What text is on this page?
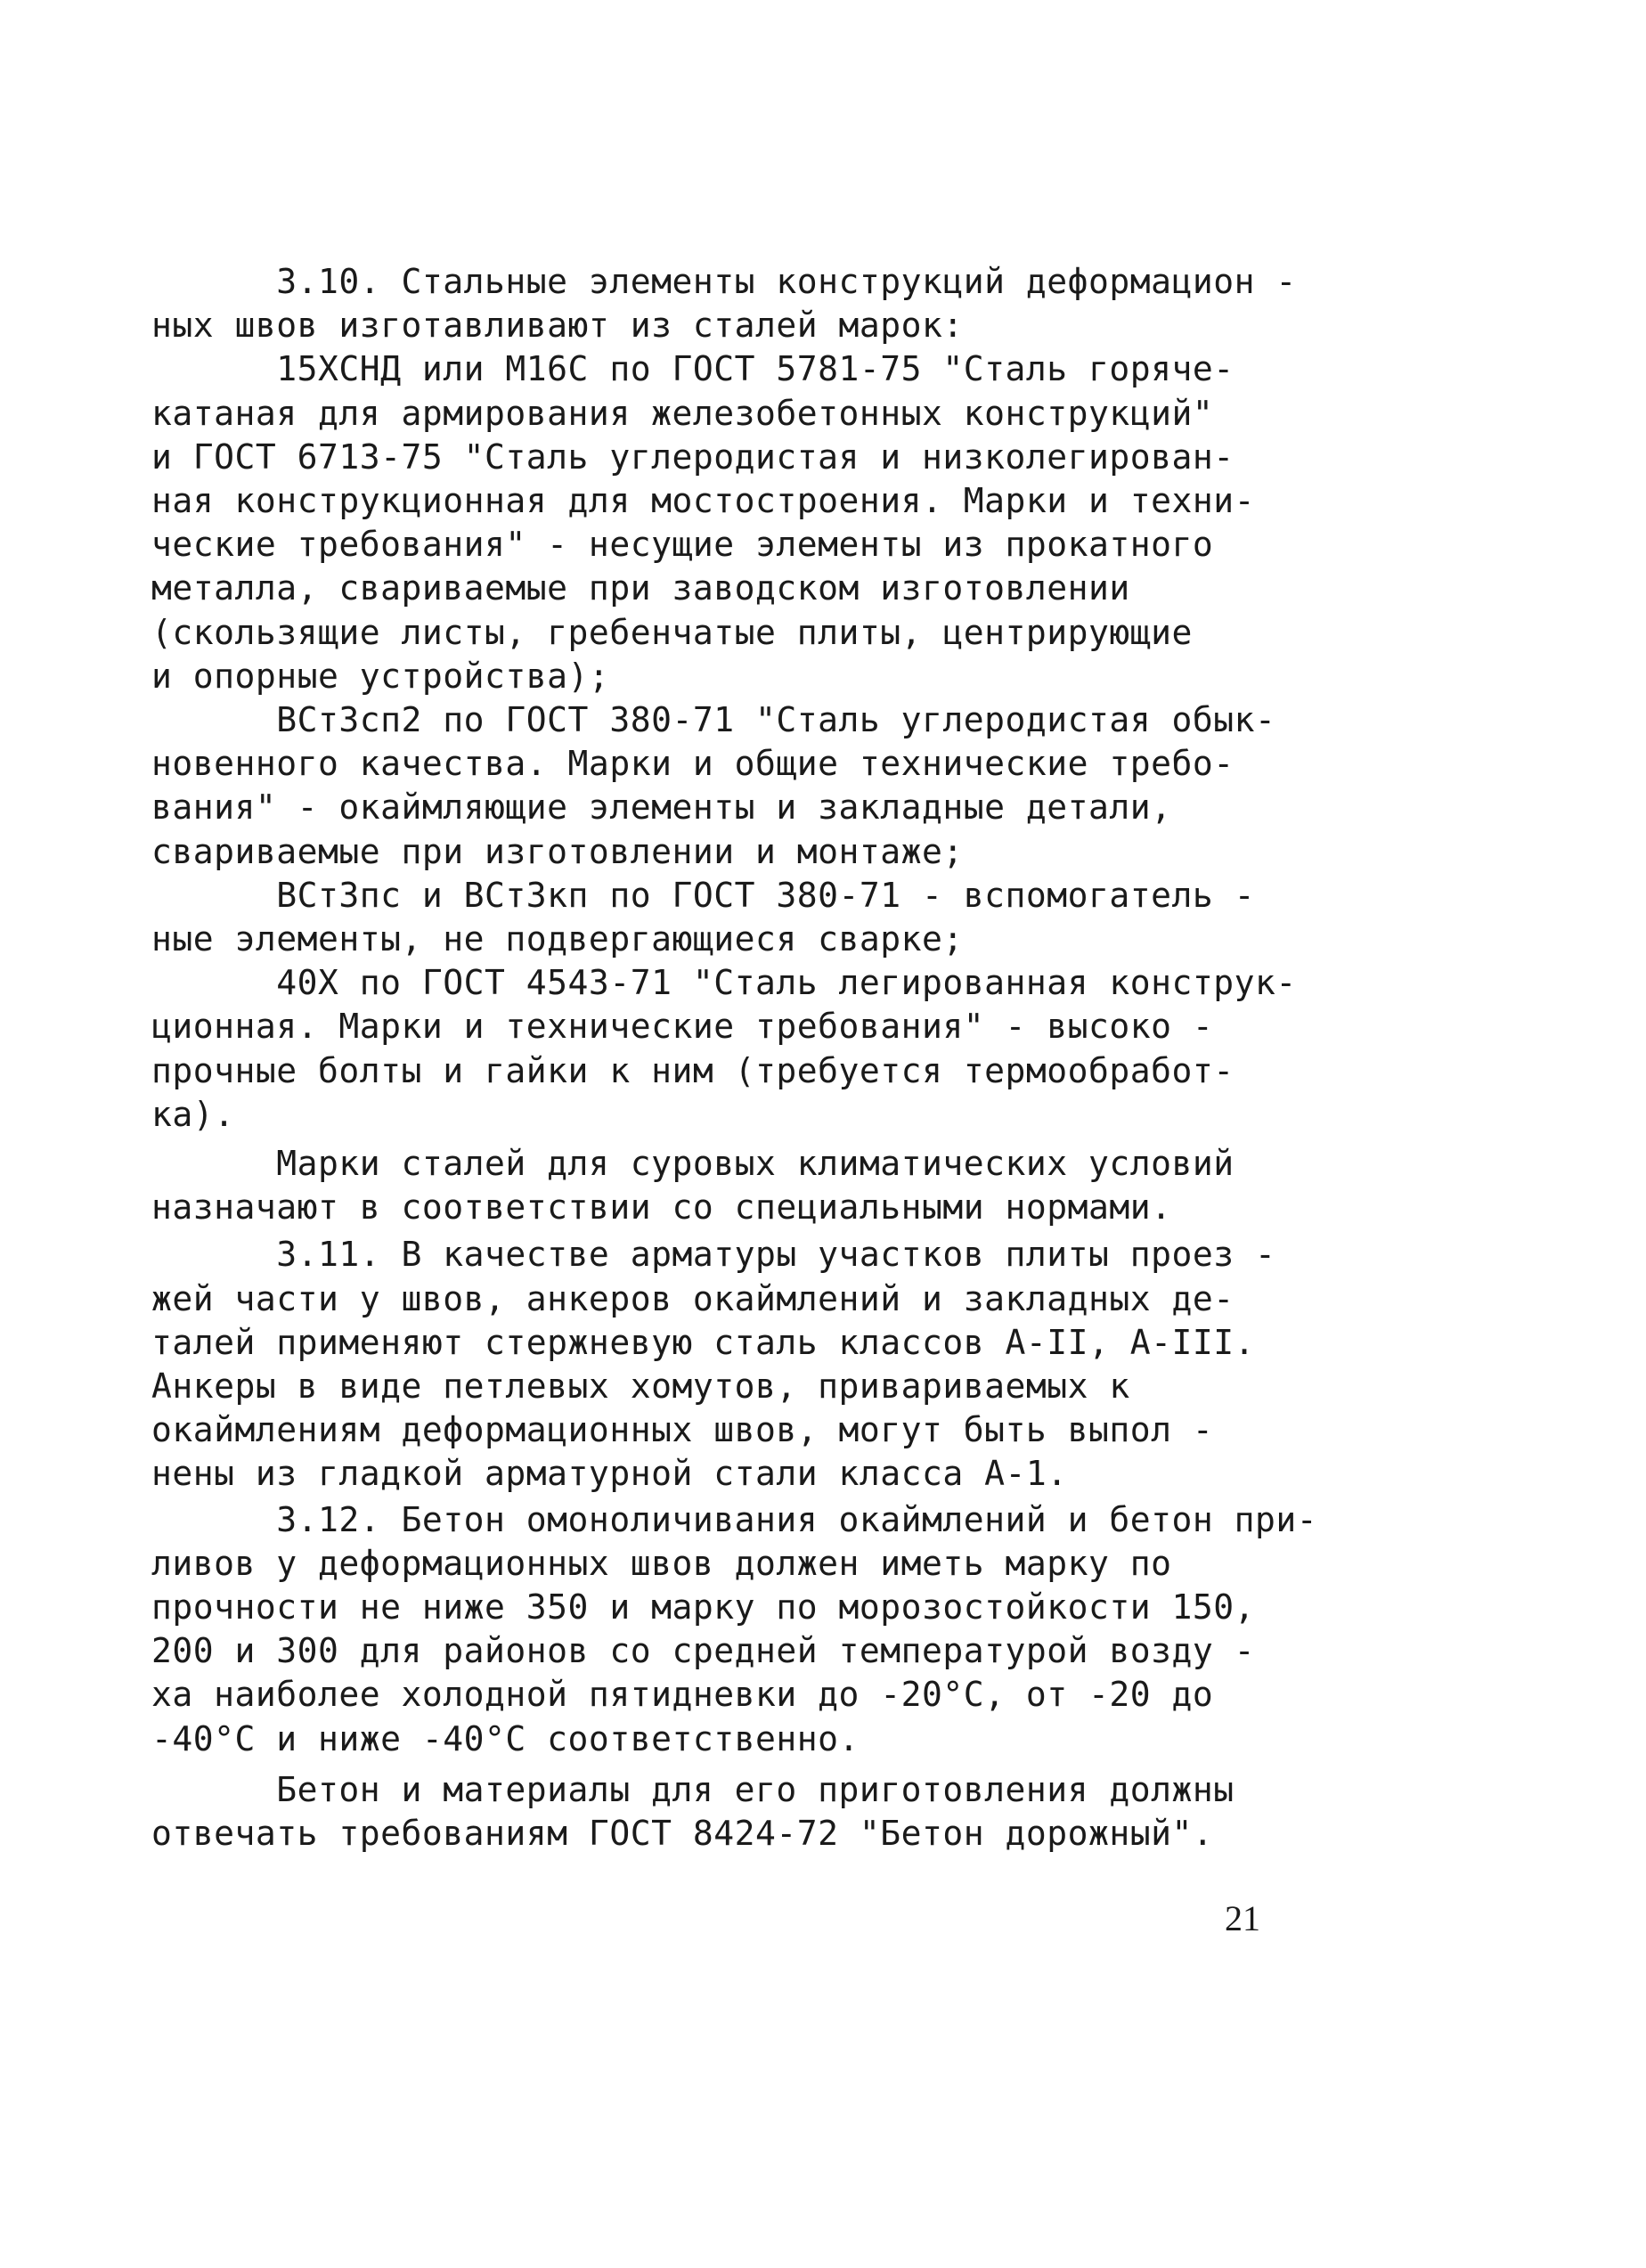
3.10. Стальные элементы конструкций деформацион -
ных швов изготавливают из сталей марок:
15ХСНД или М16С по ГОСТ 5781-75 "Сталь горяче-
катаная для армирования железобетонных конструкций"
и ГОСТ 6713-75 "Сталь углеродистая и низколегирован-
ная конструкционная для мостостроения. Марки и техни-
ческие требования" - несущие элементы из прокатного
металла, свариваемые при заводском изготовлении
(скользящие листы, гребенчатые плиты, центрирующие
и опорные устройства);
ВСт3сп2 по ГОСТ 380-71 "Сталь углеродистая обык-
новенного качества. Марки и общие технические требо-
вания" - окаймляющие элементы и закладные детали,
свариваемые при изготовлении и монтаже;
ВСт3пс и ВСт3кп по ГОСТ 380-71 - вспомогатель -
ные элементы, не подвергающиеся сварке;
40Х по ГОСТ 4543-71 "Сталь легированная конструк-
ционная. Марки и технические требования" - высоко -
прочные болты и гайки к ним (требуется термообработ-
ка).
Марки сталей для суровых климатических условий
назначают в соответствии со специальными нормами.
3.11. В качестве арматуры участков плиты проез -
жей части у швов, анкеров окаймлений и закладных де-
талей применяют стержневую сталь классов А-II, А-III.
Анкеры в виде петлевых хомутов, привариваемых к
окаймлениям деформационных швов, могут быть выпол -
нены из гладкой арматурной стали класса А-1.
3.12. Бетон омоноличивания окаймлений и бетон при-
ливов у деформационных швов должен иметь марку по
прочности не ниже 350 и марку по морозостойкости 150,
200 и 300 для районов со средней температурой возду -
ха наиболее холодной пятидневки до -20°С, от -20 до
-40°С и ниже -40°С соответственно.
Бетон и материалы для его приготовления должны
отвечать требованиям ГОСТ 8424-72 "Бетон дорожный".
21
